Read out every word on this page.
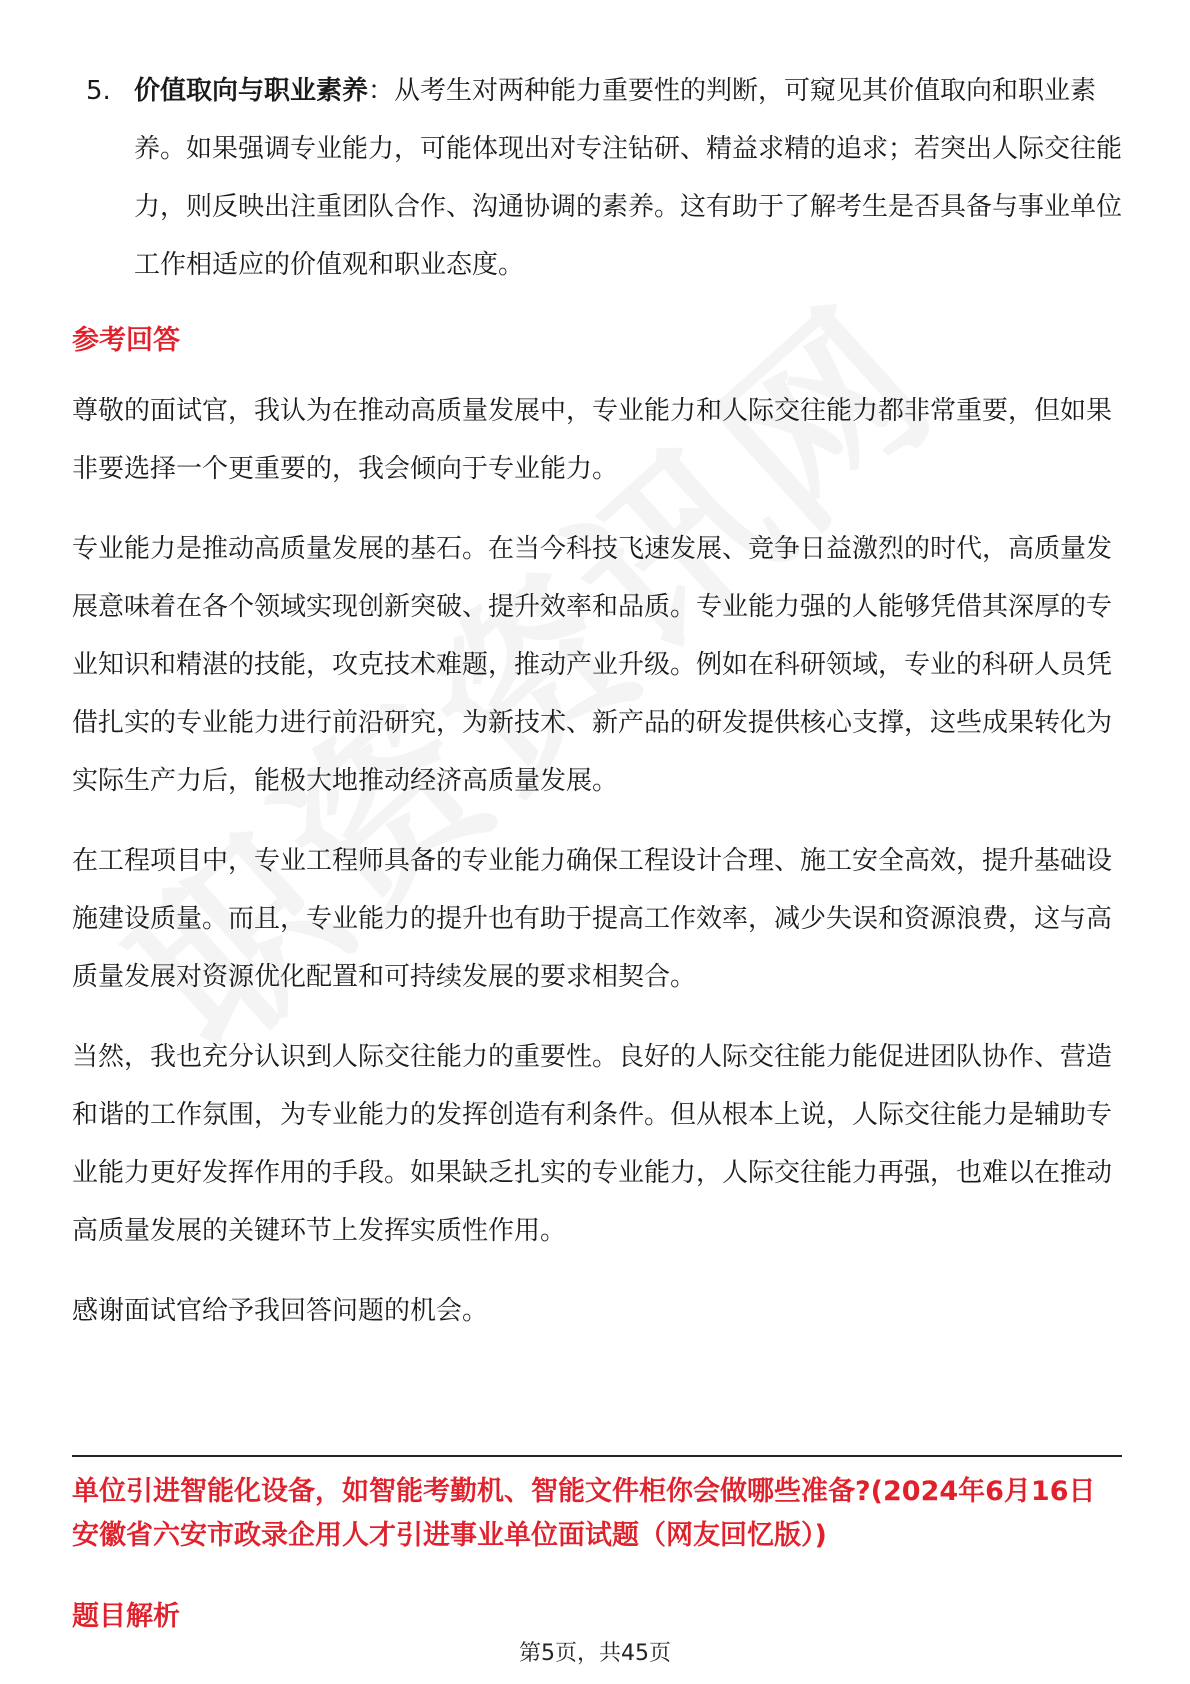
5. 价值取向与职业素养：从考生对两种能力重要性的判断，可窥见其价值取向和职业素养。如果强调专业能力，可能体现出对专注钻研、精益求精的追求；若突出人际交往能力，则反映出注重团队合作、沟通协调的素养。这有助于了解考生是否具备与事业单位工作相适应的价值观和职业态度。
参考回答

尊敬的面试官，我认为在推动高质量发展中，专业能力和人际交往能力都非常重要，但如果非要选择一个更重要的，我会倾向于专业能力。

专业能力是推动高质量发展的基石。在当今科技飞速发展、竞争日益激烈的时代，高质量发展意味着在各个领域实现创新突破、提升效率和品质。专业能力强的人能够凭借其深厚的专业知识和精湛的技能，攻克技术难题，推动产业升级。例如在科研领域，专业的科研人员凭借扎实的专业能力进行前沿研究，为新技术、新产品的研发提供核心支撑，这些成果转化为实际生产力后，能极大地推动经济高质量发展。

在工程项目中，专业工程师具备的专业能力确保工程设计合理、施工安全高效，提升基础设施建设质量。而且，专业能力的提升也有助于提高工作效率，减少失误和资源浪费，这与高质量发展对资源优化配置和可持续发展的要求相契合。

当然，我也充分认识到人际交往能力的重要性。良好的人际交往能力能促进团队协作、营造和谐的工作氛围，为专业能力的发挥创造有利条件。但从根本上说，人际交往能力是辅助专业能力更好发挥作用的手段。如果缺乏扎实的专业能力，人际交往能力再强，也难以在推动高质量发展的关键环节上发挥实质性作用。

感谢面试官给予我回答问题的机会。

单位引进智能化设备，如智能考勤机、智能文件柜你会做哪些准备?(2024年6月16日安徽省六安市政录企用人才引进事业单位面试题（网友回忆版）)
题目解析
第5页，共45页
